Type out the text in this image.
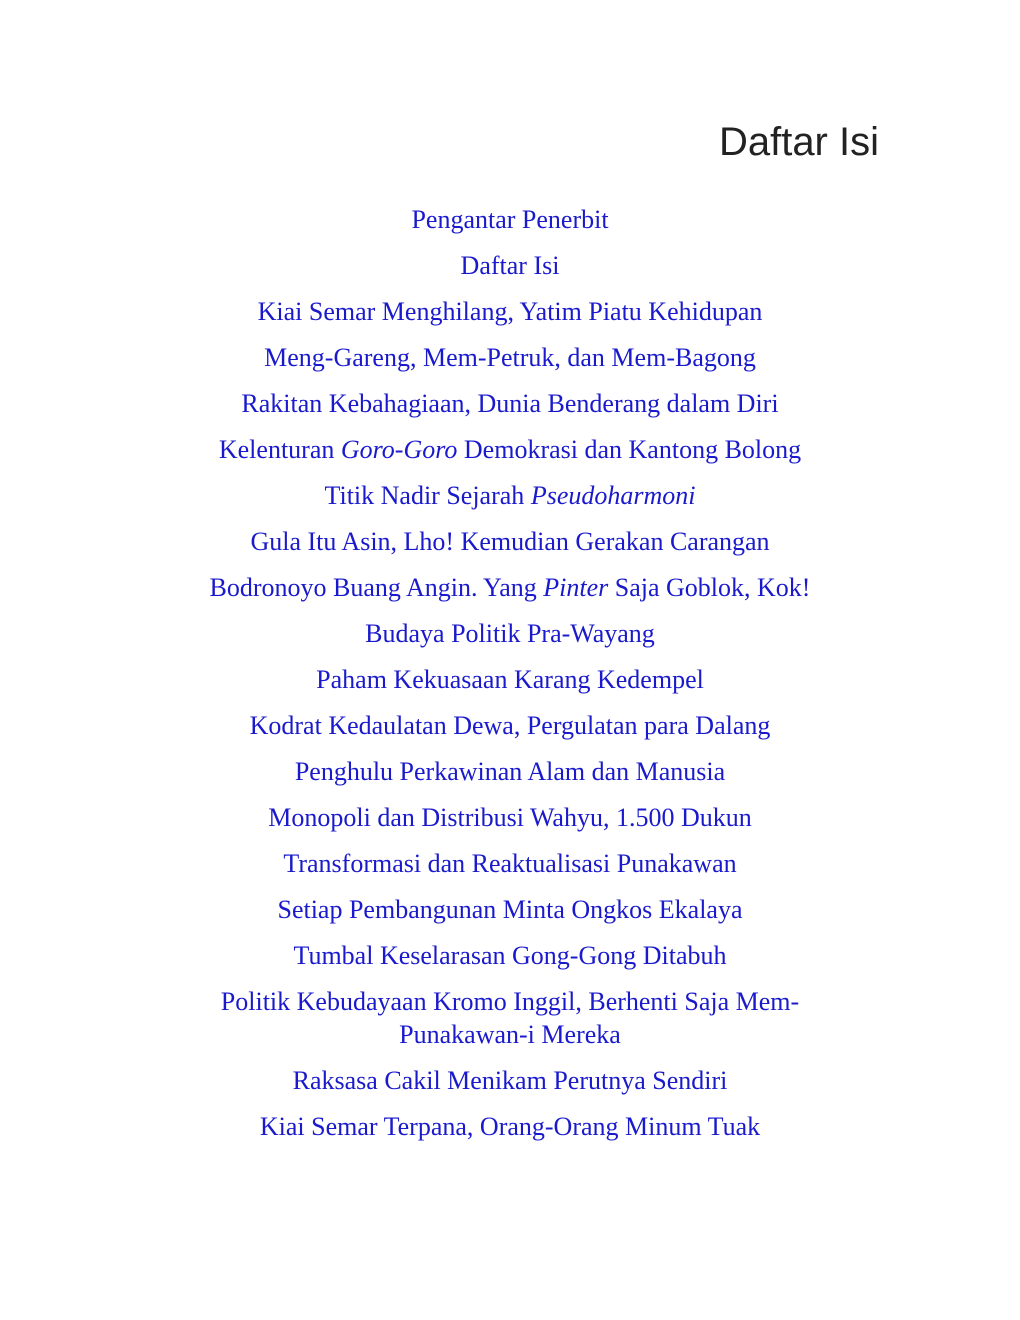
Daftar Isi
Pengantar Penerbit
Daftar Isi
Kiai Semar Menghilang, Yatim Piatu Kehidupan
Meng-Gareng, Mem-Petruk, dan Mem-Bagong
Rakitan Kebahagiaan, Dunia Benderang dalam Diri
Kelenturan Goro-Goro Demokrasi dan Kantong Bolong
Titik Nadir Sejarah Pseudoharmoni
Gula Itu Asin, Lho! Kemudian Gerakan Carangan
Bodronoyo Buang Angin. Yang Pinter Saja Goblok, Kok!
Budaya Politik Pra-Wayang
Paham Kekuasaan Karang Kedempel
Kodrat Kedaulatan Dewa, Pergulatan para Dalang
Penghulu Perkawinan Alam dan Manusia
Monopoli dan Distribusi Wahyu, 1.500 Dukun
Transformasi dan Reaktualisasi Punakawan
Setiap Pembangunan Minta Ongkos Ekalaya
Tumbal Keselarasan Gong-Gong Ditabuh
Politik Kebudayaan Kromo Inggil, Berhenti Saja Mem-
Punakawan-i Mereka
Raksasa Cakil Menikam Perutnya Sendiri
Kiai Semar Terpana, Orang-Orang Minum Tuak
